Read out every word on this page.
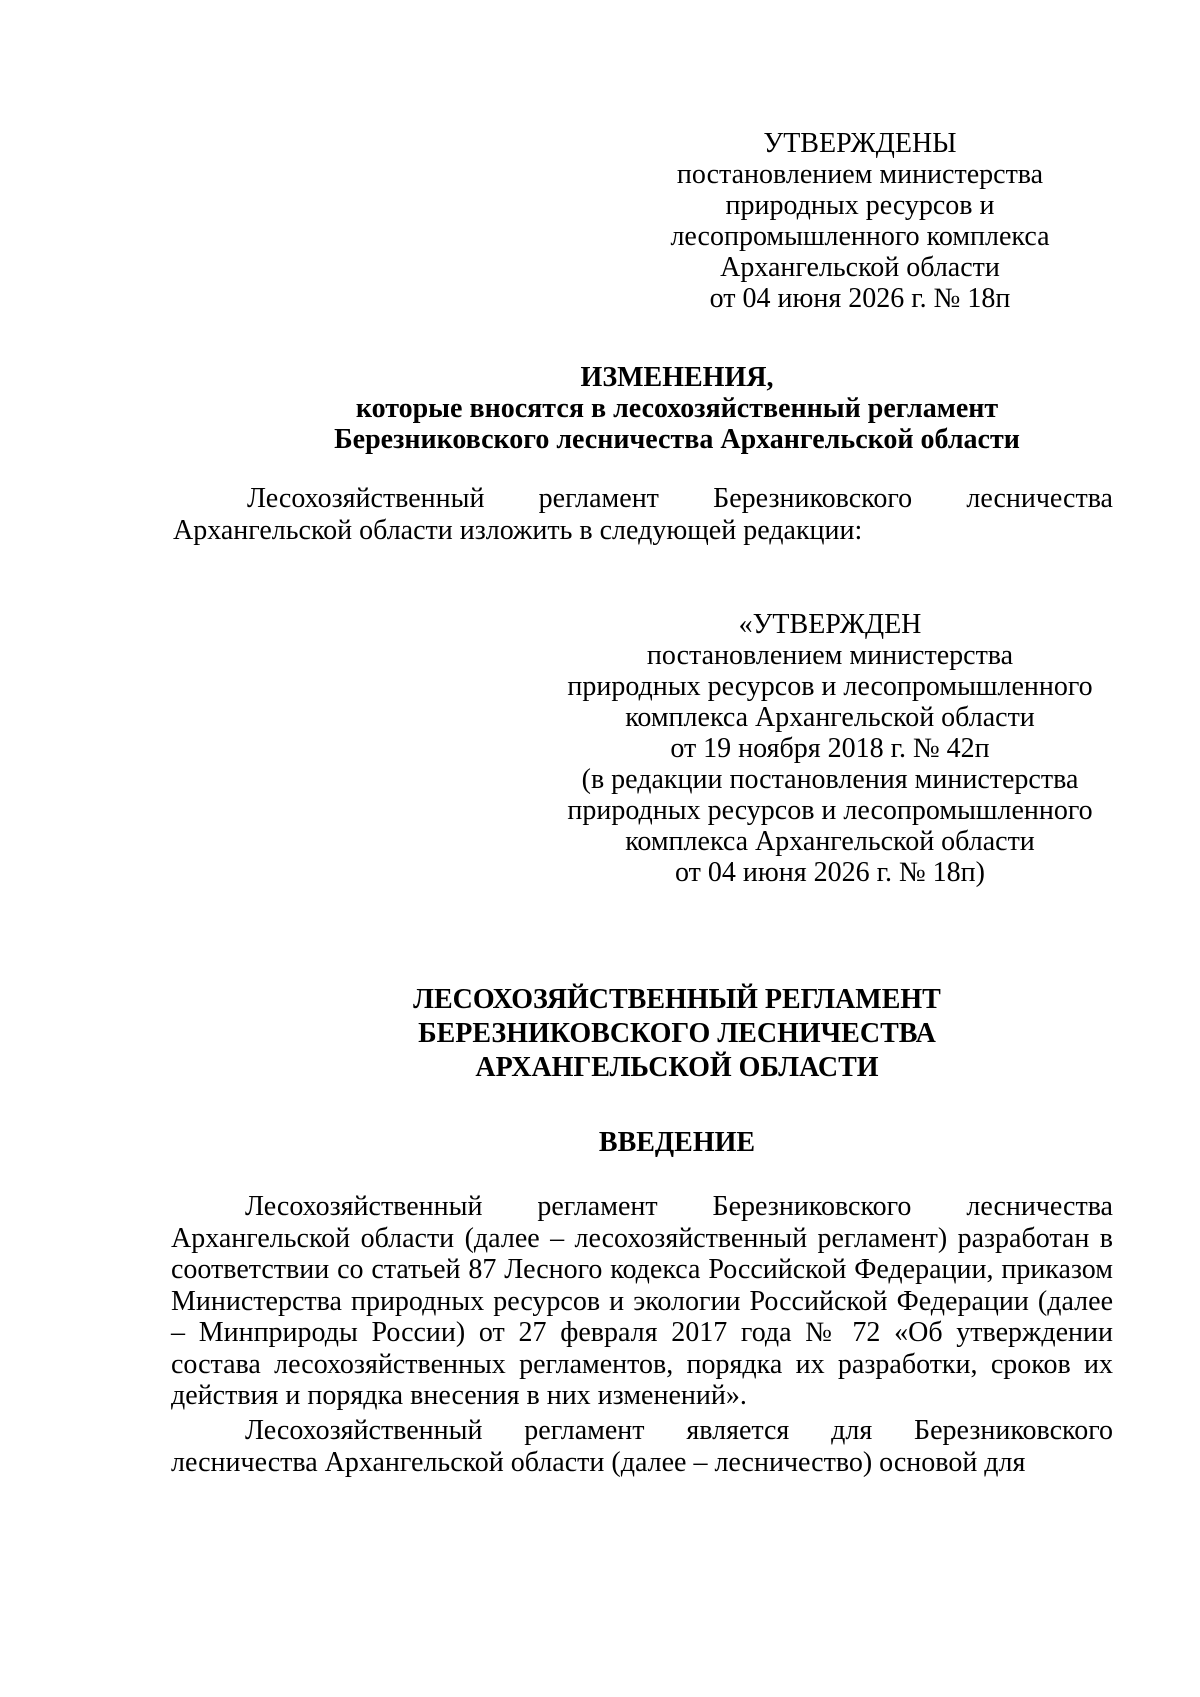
УТВЕРЖДЕНЫ
постановлением министерства
природных ресурсов и
лесопромышленного комплекса
Архангельской области
от 04 июня 2026 г. № 18п
ИЗМЕНЕНИЯ,
которые вносятся в лесохозяйственный регламент
Березниковского лесничества Архангельской области

Лесохозяйственный регламент Березниковского лесничества Архангельской области изложить в следующей редакции:

«УТВЕРЖДЕН
постановлением министерства
природных ресурсов и лесопромышленного
комплекса Архангельской области
от 19 ноября 2018 г. № 42п
(в редакции постановления министерства
природных ресурсов и лесопромышленного
комплекса Архангельской области
от 04 июня 2026 г. № 18п)
ЛЕСОХОЗЯЙСТВЕННЫЙ РЕГЛАМЕНТ
БЕРЕЗНИКОВСКОГО ЛЕСНИЧЕСТВА
АРХАНГЕЛЬСКОЙ ОБЛАСТИ
ВВЕДЕНИЕ

Лесохозяйственный регламент Березниковского лесничества Архангельской области (далее – лесохозяйственный регламент) разработан в соответствии со статьей 87 Лесного кодекса Российской Федерации, приказом Министерства природных ресурсов и экологии Российской Федерации (далее – Минприроды России) от 27 февраля 2017 года № 72 «Об утверждении состава лесохозяйственных регламентов, порядка их разработки, сроков их действия и порядка внесения в них изменений».

Лесохозяйственный регламент является для Березниковского лесничества Архангельской области (далее – лесничество) основой для
